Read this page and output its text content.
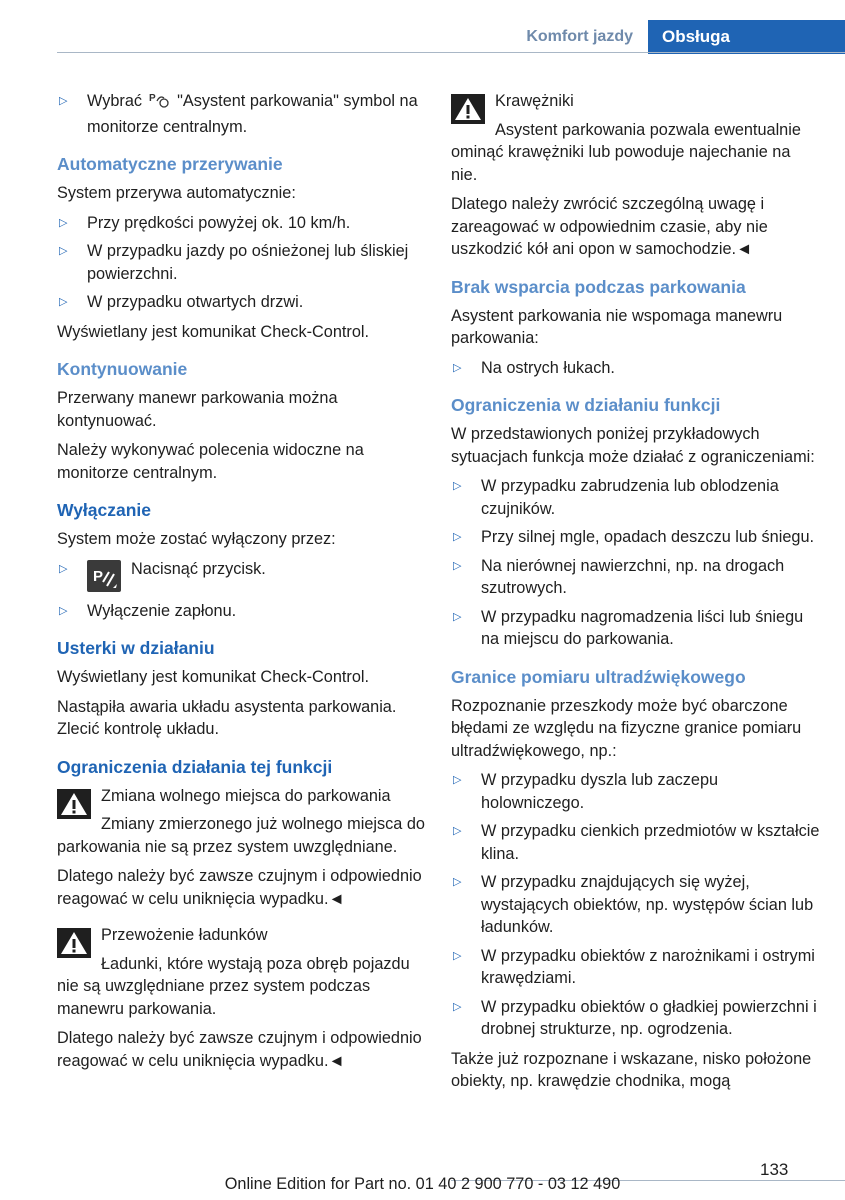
Komfort jazdy	Obsługa
▷ Wybrać P "Asystent parkowania" symbol na monitorze centralnym.
Automatyczne przerywanie

System przerywa automatycznie:

▷ Przy prędkości powyżej ok. 10 km/h.
▷ W przypadku jazdy po ośnieżonej lub śliskiej powierzchni.
▷ W przypadku otwartych drzwi.

Wyświetlany jest komunikat Check-Control.

Kontynuowanie

Przerwany manewr parkowania można kontynuować.

Należy wykonywać polecenia widoczne na monitorze centralnym.

Wyłączanie

System może zostać wyłączony przez:

▷ P Nacisnąć przycisk.
▷ Wyłączenie zapłonu.
Usterki w działaniu

Wyświetlany jest komunikat Check-Control.

Nastąpiła awaria układu asystenta parkowania. Zlecić kontrolę układu.

Ograniczenia działania tej funkcji
Zmiana wolnego miejsca do parkowania

Zmiany zmierzonego już wolnego miejsca do parkowania nie są przez system uwzględniane.

Dlatego należy być zawsze czujnym i odpowiednio reagować w celu uniknięcia wypadku.◄

Przewożenie ładunków

Ładunki, które wystają poza obręb pojazdu nie są uwzględniane przez system podczas manewru parkowania.

Dlatego należy być zawsze czujnym i odpowiednio reagować w celu uniknięcia wypadku.◄

Krawężniki

Asystent parkowania pozwala ewentualnie ominąć krawężniki lub powoduje najechanie na nie.

Dlatego należy zwrócić szczególną uwagę i zareagować w odpowiednim czasie, aby nie uszkodzić kół ani opon w samochodzie.◄

Brak wsparcia podczas parkowania

Asystent parkowania nie wspomaga manewru parkowania:

▷ Na ostrych łukach.
Ograniczenia w działaniu funkcji

W przedstawionych poniżej przykładowych sytuacjach funkcja może działać z ograniczeniami:

▷ W przypadku zabrudzenia lub oblodzenia czujników.
▷ Przy silnej mgle, opadach deszczu lub śniegu.
▷ Na nierównej nawierzchni, np. na drogach szutrowych.
▷ W przypadku nagromadzenia liści lub śniegu na miejscu do parkowania.
Granice pomiaru ultradźwiękowego

Rozpoznanie przeszkody może być obarczone błędami ze względu na fizyczne granice pomiaru ultradźwiękowego, np.:

▷ W przypadku dyszla lub zaczepu holowniczego.
▷ W przypadku cienkich przedmiotów w kształcie klina.
▷ W przypadku znajdujących się wyżej, wystających obiektów, np. występów ścian lub ładunków.
▷ W przypadku obiektów z narożnikami i ostrymi krawędziami.
▷ W przypadku obiektów o gładkiej powierzchni i drobnej strukturze, np. ogrodzenia.

Także już rozpoznane i wskazane, nisko położone obiekty, np. krawędzie chodnika, mogą

133
Online Edition for Part no. 01 40 2 900 770 - 03 12 490
